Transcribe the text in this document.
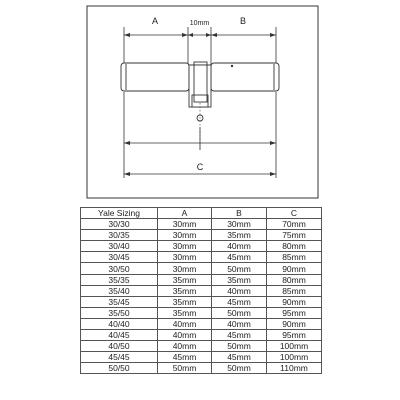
A	10mm	B
C
Yale Sizing	A	B	C
30/30	30mm	30mm	70mm
30/35	30mm	35mm	75mm
30/40	30mm	40mm	80mm
30/45	30mm	45mm	85mm
30/50	30mm	50mm	90mm
35/35	35mm	35mm	80mm
35/40	35mm	40mm	85mm
35/45	35mm	45mm	90mm
35/50	35mm	50mm	95mm
40/40	40mm	40mm	90mm
40/45	40mm	45mm	95mm
40/50	40mm	50mm	100mm
45/45	45mm	45mm	100mm
50/50	50mm	50mm	110mm
